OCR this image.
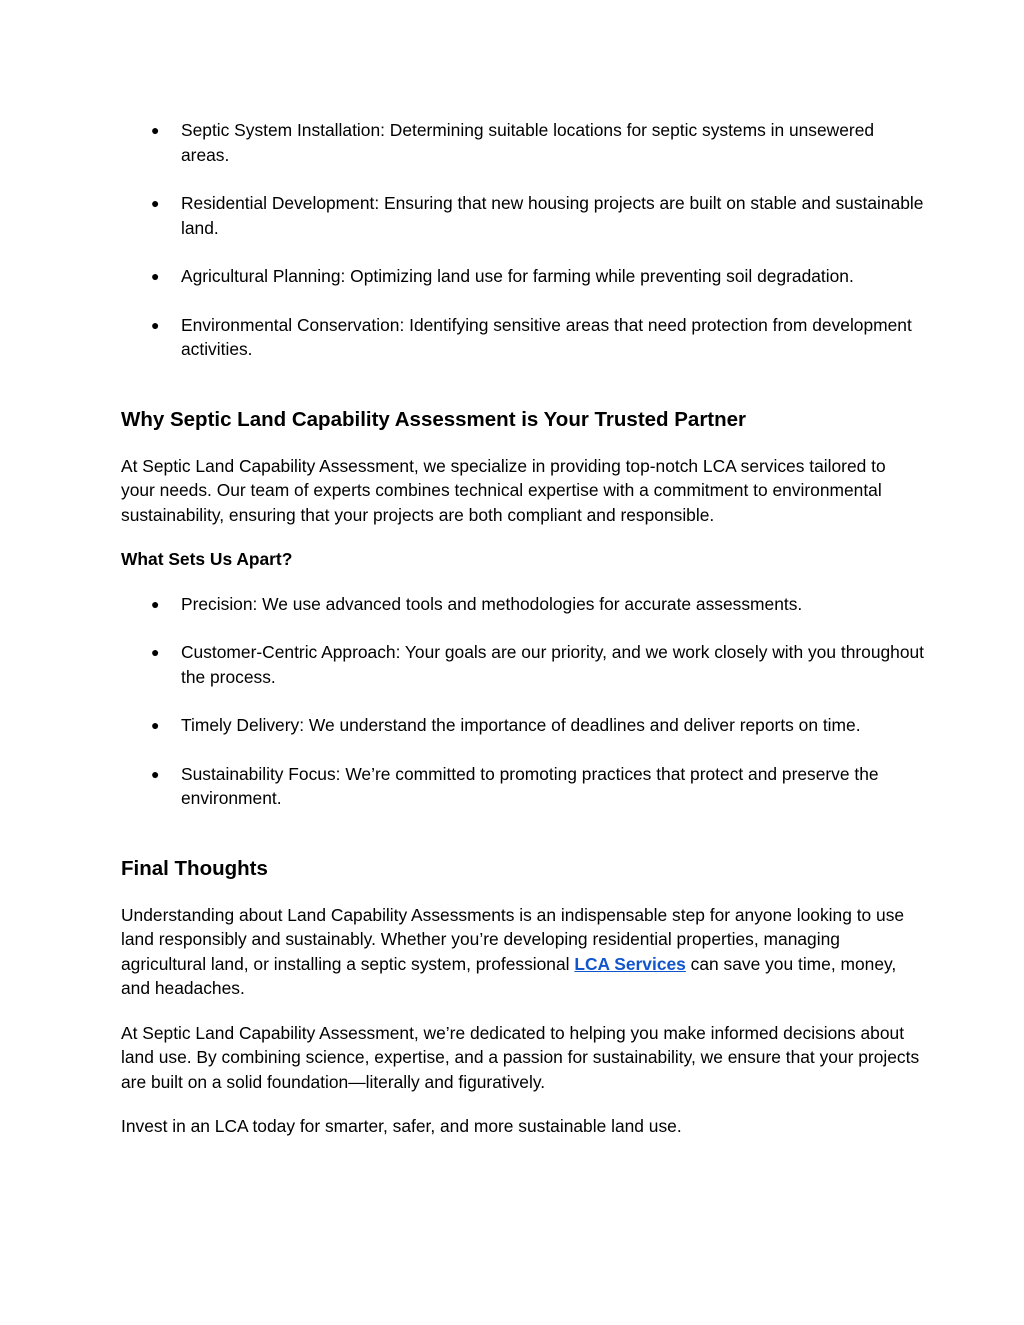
● Septic System Installation: Determining suitable locations for septic systems in unsewered areas.
● Residential Development: Ensuring that new housing projects are built on stable and sustainable land.
● Agricultural Planning: Optimizing land use for farming while preventing soil degradation.
● Environmental Conservation: Identifying sensitive areas that need protection from development activities.
Why Septic Land Capability Assessment is Your Trusted Partner

At Septic Land Capability Assessment, we specialize in providing top-notch LCA services tailored to your needs. Our team of experts combines technical expertise with a commitment to environmental sustainability, ensuring that your projects are both compliant and responsible.

What Sets Us Apart?
● Precision: We use advanced tools and methodologies for accurate assessments.
● Customer-Centric Approach: Your goals are our priority, and we work closely with you throughout the process.
● Timely Delivery: We understand the importance of deadlines and deliver reports on time.
● Sustainability Focus: We’re committed to promoting practices that protect and preserve the environment.
Final Thoughts

Understanding about Land Capability Assessments is an indispensable step for anyone looking to use land responsibly and sustainably. Whether you’re developing residential properties, managing agricultural land, or installing a septic system, professional LCA Services can save you time, money, and headaches.

At Septic Land Capability Assessment, we’re dedicated to helping you make informed decisions about land use. By combining science, expertise, and a passion for sustainability, we ensure that your projects are built on a solid foundation—literally and figuratively.

Invest in an LCA today for smarter, safer, and more sustainable land use.
